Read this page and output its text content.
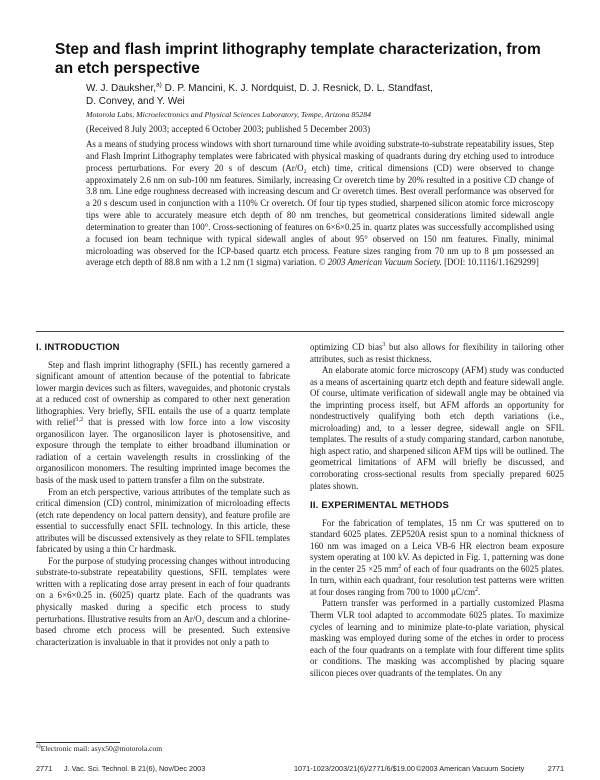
Step and flash imprint lithography template characterization, from an etch perspective
W. J. Dauksher,$^{a)}$ D. P. Mancini, K. J. Nordquist, D. J. Resnick, D. L. Standfast,
D. Convey, and Y. Wei
Motorola Labs, Microelectronics and Physical Sciences Laboratory, Tempe, Arizona 85284
(Received 8 July 2003; accepted 6 October 2003; published 5 December 2003)
As a means of studying process windows with short turnaround time while avoiding substrate-to-substrate repeatability issues, Step and Flash Imprint Lithography templates were fabricated with physical masking of quadrants during dry etching used to introduce process perturbations. For every 20 s of descum (Ar/O₂ etch) time, critical dimensions (CD) were observed to change approximately 2.6 nm on sub-100 nm features. Similarly, increasing Cr overetch time by 20% resulted in a positive CD change of 3.8 nm. Line edge roughness decreased with increasing descum and Cr overetch times. Best overall performance was observed for a 20 s descum used in conjunction with a 110% Cr overetch. Of four tip types studied, sharpened silicon atomic force microscopy tips were able to accurately measure etch depth of 80 nm trenches, but geometrical considerations limited sidewall angle determination to greater than 100°. Cross-sectioning of features on 6×6×0.25 in. quartz plates was successfully accomplished using a focused ion beam technique with typical sidewall angles of about 95° observed on 150 nm features. Finally, minimal microloading was observed for the ICP-based quartz etch process. Feature sizes ranging from 70 nm up to 8 μm possessed an average etch depth of 88.8 nm with a 1.2 nm (1 sigma) variation. © 2003 American Vacuum Society. [DOI: 10.1116/1.1629299]
I. INTRODUCTION

Step and flash imprint lithography (SFIL) has recently garnered a significant amount of attention because of the potential to fabricate lower margin devices such as filters, waveguides, and photonic crystals at a reduced cost of ownership as compared to other next generation lithographies. Very briefly, SFIL entails the use of a quartz template with relief$^{1,2}$ that is pressed with low force into a low viscosity organosilicon layer. The organosilicon layer is photosensitive, and exposure through the template to either broadband illumination or radiation of a certain wavelength results in crosslinking of the organosilicon monomers. The resulting imprinted image becomes the basis of the mask used to pattern transfer a film on the substrate.

From an etch perspective, various attributes of the template such as critical dimension (CD) control, minimization of microloading effects (etch rate dependency on local pattern density), and feature profile are essential to successfully enact SFIL technology. In this article, these attributes will be discussed extensively as they relate to SFIL templates fabricated by using a thin Cr hardmask.

For the purpose of studying processing changes without introducing substrate-to-substrate repeatability questions, SFIL templates were written with a replicating dose array present in each of four quadrants on a 6×6×0.25 in. (6025) quartz plate. Each of the quadrants was physically masked during a specific etch process to study perturbations. Illustrative results from an Ar/O₂ descum and a chlorine-based chrome etch process will be presented. Such extensive characterization is invaluable in that it provides not only a path to

optimizing CD bias$^3$ but also allows for flexibility in tailoring other attributes, such as resist thickness.

An elaborate atomic force microscopy (AFM) study was conducted as a means of ascertaining quartz etch depth and feature sidewall angle. Of course, ultimate verification of sidewall angle may be obtained via the imprinting process itself, but AFM affords an opportunity for nondestructively qualifying both etch depth variations (i.e., microloading) and, to a lesser degree, sidewall angle on SFIL templates. The results of a study comparing standard, carbon nanotube, high aspect ratio, and sharpened silicon AFM tips will be outlined. The geometrical limitations of AFM will briefly be discussed, and corroborating cross-sectional results from specially prepared 6025 plates shown.

II. EXPERIMENTAL METHODS

For the fabrication of templates, 15 nm Cr was sputtered on to standard 6025 plates. ZEP520A resist spun to a nominal thickness of 160 nm was imaged on a Leica VB-6 HR electron beam exposure system operating at 100 kV. As depicted in Fig. 1, patterning was done in the center 25 ×25 $mm^2$ of each of four quadrants on the 6025 plates. In turn, within each quadrant, four resolution test patterns were written at four doses ranging from 700 to 1000 $\mu C/cm^2$.

Pattern transfer was performed in a partially customized Plasma Therm VLR tool adapted to accommodate 6025 plates. To maximize cycles of learning and to minimize plate-to-plate variation, physical masking was employed during some of the etches in order to process each of the four quadrants on a template with four different time splits or conditions. The masking was accomplished by placing square silicon pieces over quadrants of the templates. On any

$^{a)}$Electronic mail: asyx50@motorola.com
2771 J. Vac. Sci. Technol. B 21(6), Nov/Dec 2003	1071-1023/2003/21(6)/2771/6/$19.00 ©2003 American Vacuum Society	2771
